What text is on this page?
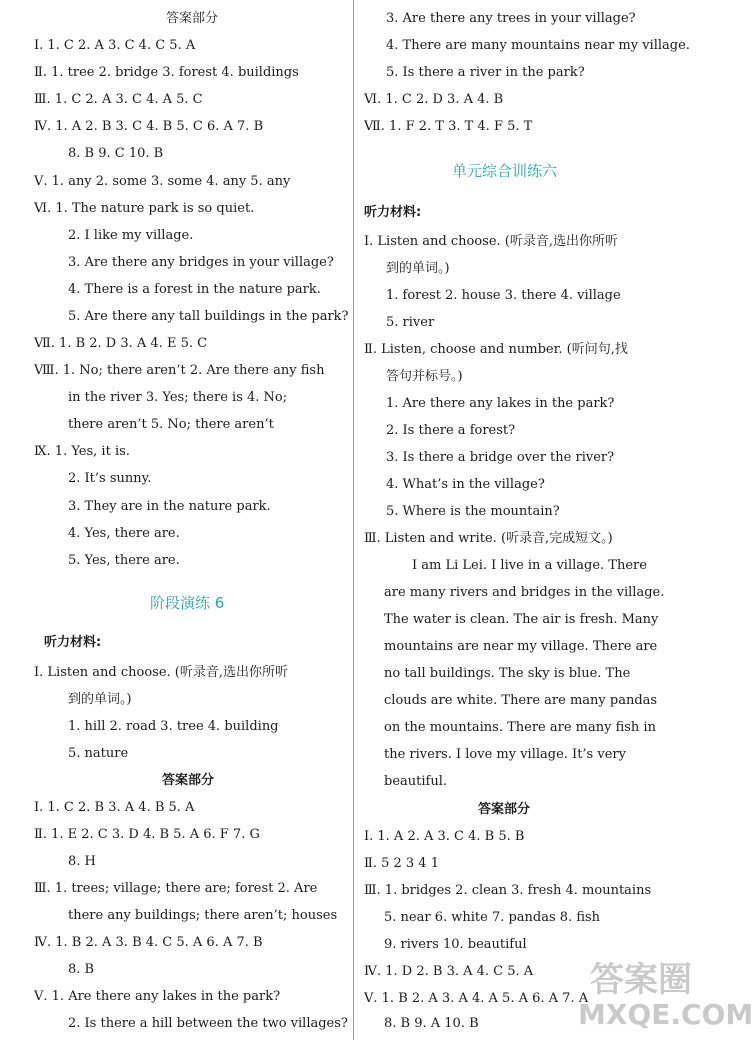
答案部分
Ⅰ. 1. C 2. A 3. C 4. C 5. A
Ⅱ. 1. tree 2. bridge 3. forest 4. buildings
Ⅲ. 1. C 2. A 3. C 4. A 5. C
Ⅳ. 1. A 2. B 3. C 4. B 5. C 6. A 7. B
8. B 9. C 10. B
Ⅴ. 1. any 2. some 3. some 4. any 5. any
Ⅵ. 1. The nature park is so quiet.
2. I like my village.
3. Are there any bridges in your village?
4. There is a forest in the nature park.
5. Are there any tall buildings in the park?
Ⅶ. 1. B 2. D 3. A 4. E 5. C
Ⅷ. 1. No; there aren’t 2. Are there any fish
in the river 3. Yes; there is 4. No;
there aren’t 5. No; there aren’t
Ⅸ. 1. Yes, it is.
2. It’s sunny.
3. They are in the nature park.
4. Yes, there are.
5. Yes, there are.
阶段演练 6
听力材料:
Ⅰ. Listen and choose. (听录音,选出你所听
到的单词。)
1. hill 2. road 3. tree 4. building
5. nature
答案部分
Ⅰ. 1. C 2. B 3. A 4. B 5. A
Ⅱ. 1. E 2. C 3. D 4. B 5. A 6. F 7. G
8. H
Ⅲ. 1. trees; village; there are; forest 2. Are
there any buildings; there aren’t; houses
Ⅳ. 1. B 2. A 3. B 4. C 5. A 6. A 7. B
8. B
Ⅴ. 1. Are there any lakes in the park?
2. Is there a hill between the two villages?
3. Are there any trees in your village?
4. There are many mountains near my village.
5. Is there a river in the park?
Ⅵ. 1. C 2. D 3. A 4. B
Ⅶ. 1. F 2. T 3. T 4. F 5. T
单元综合训练六
听力材料:
Ⅰ. Listen and choose. (听录音,选出你所听
到的单词。)
1. forest 2. house 3. there 4. village
5. river
Ⅱ. Listen, choose and number. (听问句,找
答句并标号。)
1. Are there any lakes in the park?
2. Is there a forest?
3. Is there a bridge over the river?
4. What’s in the village?
5. Where is the mountain?
Ⅲ. Listen and write. (听录音,完成短文。)
I am Li Lei. I live in a village. There
are many rivers and bridges in the village.
The water is clean. The air is fresh. Many
mountains are near my village. There are
no tall buildings. The sky is blue. The
clouds are white. There are many pandas
on the mountains. There are many fish in
the rivers. I love my village. It’s very
beautiful.
答案部分
Ⅰ. 1. A 2. A 3. C 4. B 5. B
Ⅱ. 5 2 3 4 1
Ⅲ. 1. bridges 2. clean 3. fresh 4. mountains
5. near 6. white 7. pandas 8. fish
9. rivers 10. beautiful
Ⅳ. 1. D 2. B 3. A 4. C 5. A
Ⅴ. 1. B 2. A 3. A 4. A 5. A 6. A 7. A
8. B 9. A 10. B
答案圈
MXQE.COM
